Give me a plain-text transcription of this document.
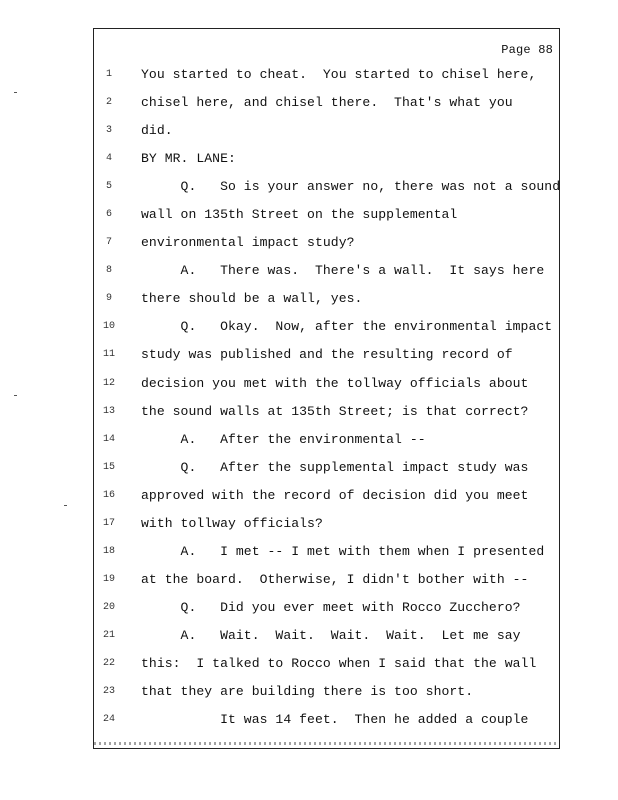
Page 88
1	You started to cheat.  You started to chisel here,
2	chisel here, and chisel there.  That's what you
3	did.
4	BY MR. LANE:
5	Q.   So is your answer no, there was not a sound
6	wall on 135th Street on the supplemental
7	environmental impact study?
8	A.   There was.  There's a wall.  It says here
9	there should be a wall, yes.
10	Q.   Okay.  Now, after the environmental impact
11	study was published and the resulting record of
12	decision you met with the tollway officials about
13	the sound walls at 135th Street; is that correct?
14	A.   After the environmental --
15	Q.   After the supplemental impact study was
16	approved with the record of decision did you meet
17	with tollway officials?
18	A.   I met -- I met with them when I presented
19	at the board.  Otherwise, I didn't bother with --
20	Q.   Did you ever meet with Rocco Zucchero?
21	A.   Wait.  Wait.  Wait.  Wait.  Let me say
22	this:  I talked to Rocco when I said that the wall
23	that they are building there is too short.
24	It was 14 feet.  Then he added a couple
